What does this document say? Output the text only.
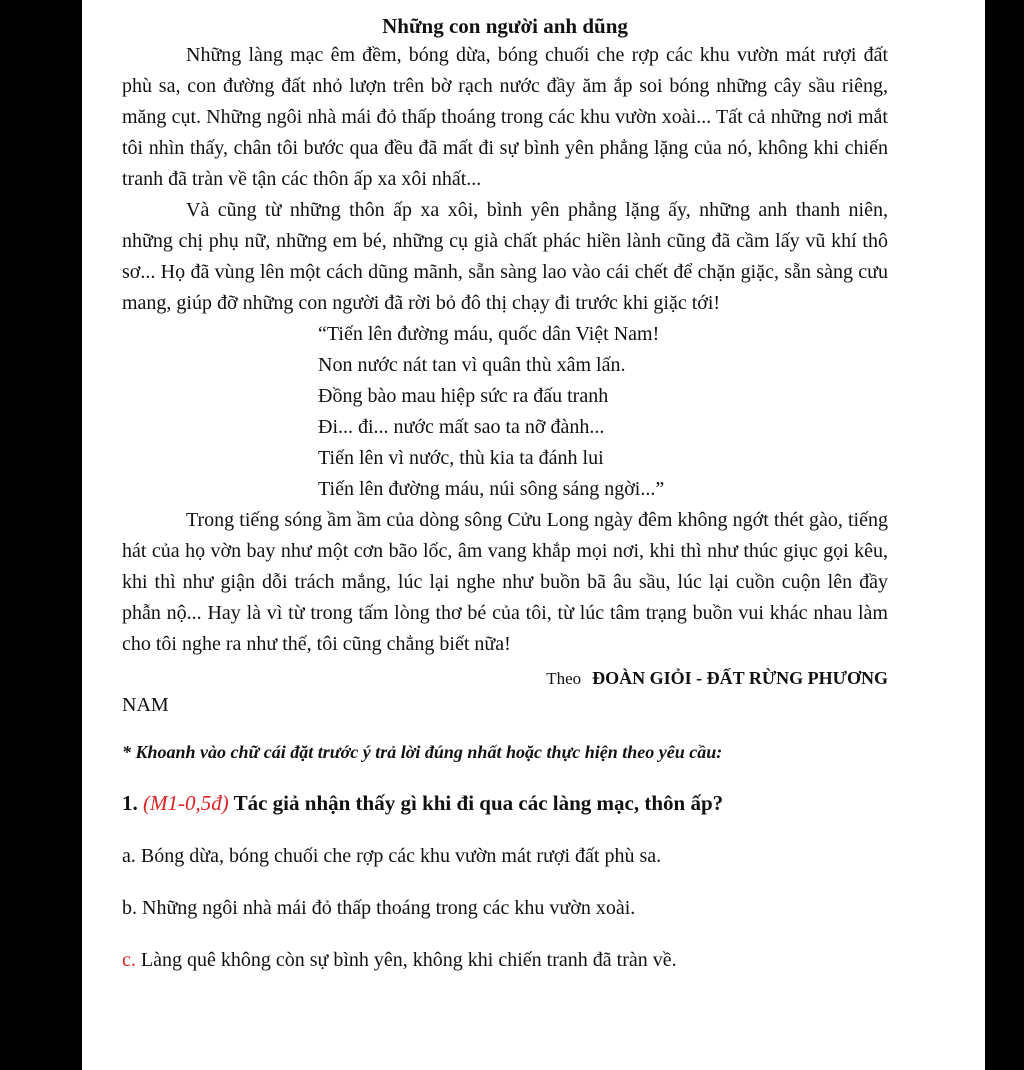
Những con người anh dũng

Những làng mạc êm đềm, bóng dừa, bóng chuối che rợp các khu vườn mát rượi đất phù sa, con đường đất nhỏ lượn trên bờ rạch nước đầy ăm ắp soi bóng những cây sầu riêng, măng cụt. Những ngôi nhà mái đỏ thấp thoáng trong các khu vườn xoài... Tất cả những nơi mắt tôi nhìn thấy, chân tôi bước qua đều đã mất đi sự bình yên phẳng lặng của nó, không khi chiến tranh đã tràn về tận các thôn ấp xa xôi nhất...

Và cũng từ những thôn ấp xa xôi, bình yên phẳng lặng ấy, những anh thanh niên, những chị phụ nữ, những em bé, những cụ già chất phác hiền lành cũng đã cầm lấy vũ khí thô sơ... Họ đã vùng lên một cách dũng mãnh, sẵn sàng lao vào cái chết để chặn giặc, sẵn sàng cưu mang, giúp đỡ những con người đã rời bỏ đô thị chạy đi trước khi giặc tới!

“Tiến lên đường máu, quốc dân Việt Nam!
Non nước nát tan vì quân thù xâm lấn.
Đồng bào mau hiệp sức ra đấu tranh
Đi... đi... nước mất sao ta nỡ đành...
Tiến lên vì nước, thù kia ta đánh lui
Tiến lên đường máu, núi sông sáng ngời...”

Trong tiếng sóng ầm ầm của dòng sông Cửu Long ngày đêm không ngớt thét gào, tiếng hát của họ vờn bay như một cơn bão lốc, âm vang khắp mọi nơi, khi thì như thúc giục gọi kêu, khi thì như giận dỗi trách mắng, lúc lại nghe như buồn bã âu sầu, lúc lại cuồn cuộn lên đầy phẫn nộ... Hay là vì từ trong tấm lòng thơ bé của tôi, từ lúc tâm trạng buồn vui khác nhau làm cho tôi nghe ra như thế, tôi cũng chẳng biết nữa!

Theo ĐOÀN GIỎI - ĐẤT RỪNG PHƯƠNG
NAM
* Khoanh vào chữ cái đặt trước ý trả lời đúng nhất hoặc thực hiện theo yêu cầu:
1. (M1-0,5đ) Tác giả nhận thấy gì khi đi qua các làng mạc, thôn ấp?
a. Bóng dừa, bóng chuối che rợp các khu vườn mát rượi đất phù sa.
b. Những ngôi nhà mái đỏ thấp thoáng trong các khu vườn xoài.
c. Làng quê không còn sự bình yên, không khi chiến tranh đã tràn về.
